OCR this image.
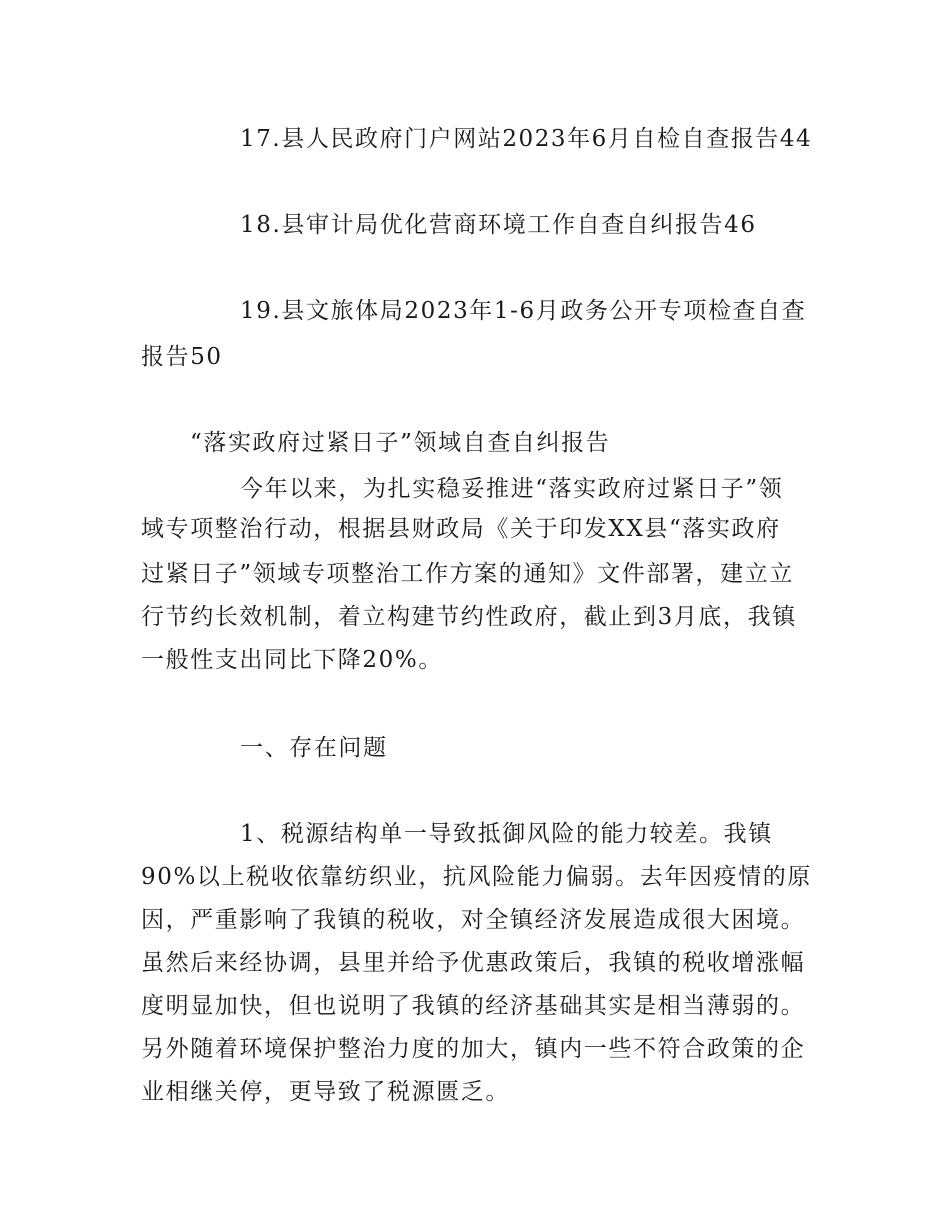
17.县人民政府门户网站2023年6月自检自查报告44
18.县审计局优化营商环境工作自查自纠报告46
19.县文旅体局2023年1-6月政务公开专项检查自查
报告50
“落实政府过紧日子”领域自查自纠报告
今年以来，为扎实稳妥推进“落实政府过紧日子”领
域专项整治行动，根据县财政局《关于印发XX县“落实政府
过紧日子”领域专项整治工作方案的通知》文件部署，建立立
行节约长效机制，着立构建节约性政府，截止到3月底，我镇
一般性支出同比下降20%。
一、存在问题
1、税源结构单一导致抵御风险的能力较差。我镇
90%以上税收依靠纺织业，抗风险能力偏弱。去年因疫情的原
因，严重影响了我镇的税收，对全镇经济发展造成很大困境。
虽然后来经协调，县里并给予优惠政策后，我镇的税收增涨幅
度明显加快，但也说明了我镇的经济基础其实是相当薄弱的。
另外随着环境保护整治力度的加大，镇内一些不符合政策的企
业相继关停，更导致了税源匮乏。
